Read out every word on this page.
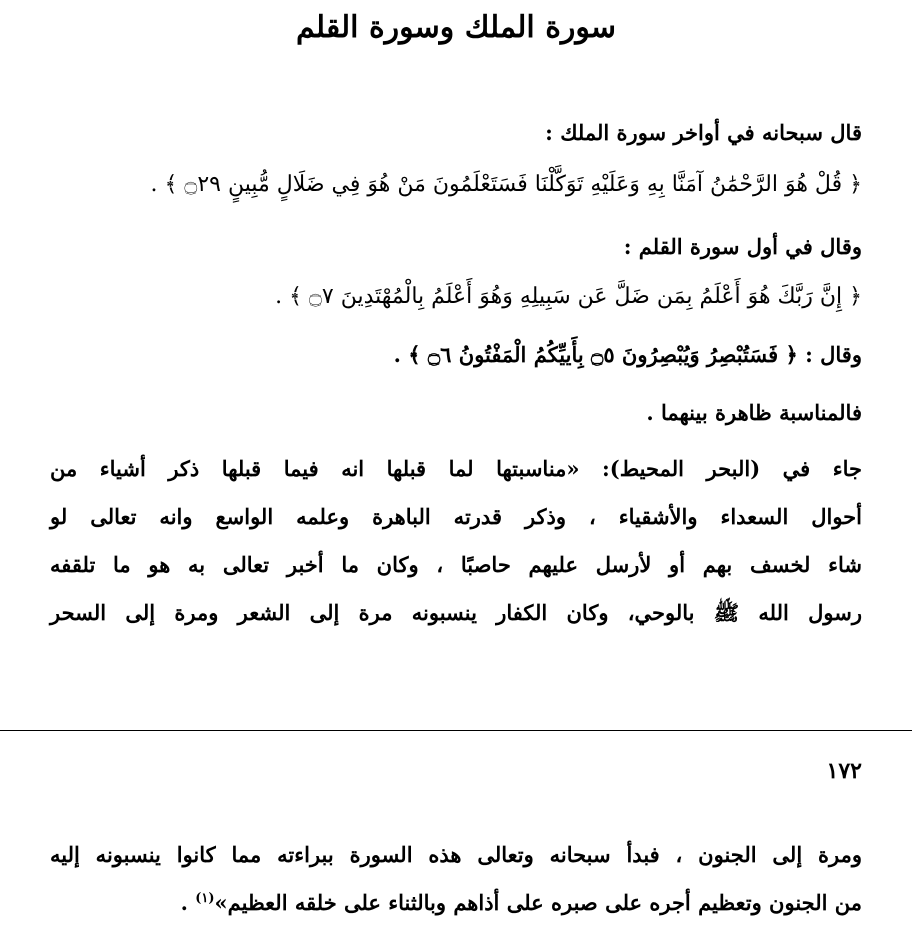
سورة الملك وسورة القلم
قال سبحانه في أواخر سورة الملك :
﴿ قُلْ هُوَ الرَّحْمَٰنُ آمَنَّا بِهِ وَعَلَيْهِ تَوَكَّلْنَا فَسَتَعْلَمُونَ مَنْ هُوَ فِي ضَلَالٍ مُّبِينٍ ۝٢٩ ﴾ .
وقال في أول سورة القلم :
﴿ إِنَّ رَبَّكَ هُوَ أَعْلَمُ بِمَن ضَلَّ عَن سَبِيلِهِ وَهُوَ أَعْلَمُ بِالْمُهْتَدِينَ ۝٧ ﴾ .
وقال : ﴿ فَسَتُبْصِرُ وَيُبْصِرُونَ ۝٥ بِأَييِّكُمُ الْمَفْتُونُ ۝٦ ﴾ .
فالمناسبة ظاهرة بينهما .
جاء في (البحر المحيط): «مناسبتها لما قبلها انه فيما قبلها ذكر أشياء من
أحوال السعداء والأشقياء ، وذكر قدرته الباهرة وعلمه الواسع وانه تعالى لو
شاء لخسف بهم أو لأرسل عليهم حاصبًا ، وكان ما أخبر تعالى به هو ما تلقفه
رسول الله ﷺ بالوحي، وكان الكفار ينسبونه مرة إلى الشعر ومرة إلى السحر
١٧٢
ومرة إلى الجنون ، فبدأ سبحانه وتعالى هذه السورة ببراءته مما كانوا ينسبونه إليه
من الجنون وتعظيم أجره على صبره على أذاهم وبالثناء على خلقه العظيم»$^{(١)}$ .
